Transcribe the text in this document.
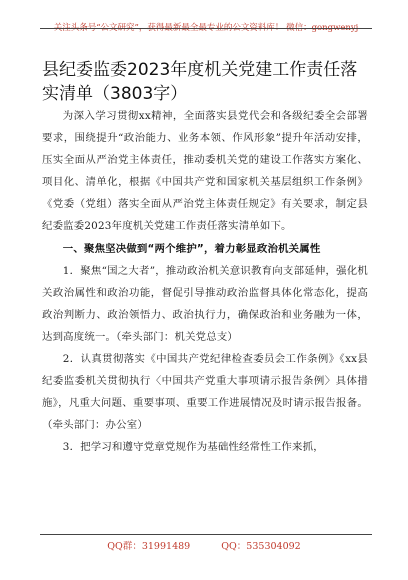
关注头条号“公文研究”，获得最新最全最专业的公文资料库！ 微信：gongwenyj
县纪委监委2023年度机关党建工作责任落实清单（3803字）

为深入学习贯彻xx精神，全面落实县党代会和各级纪委全会部署要求，围绕提升“政治能力、业务本领、作风形象”提升年活动安排，压实全面从严治党主体责任，推动委机关党的建设工作落实方案化、项目化、清单化，根据《中国共产党和国家机关基层组织工作条例》《党委（党组）落实全面从严治党主体责任规定》有关要求，制定县纪委监委2023年度机关党建工作责任落实清单如下。

一、聚焦坚决做到“两个维护”，着力彰显政治机关属性

1．聚焦“国之大者”，推动政治机关意识教育向支部延伸，强化机关政治属性和政治功能，督促引导推动政治监督具体化常态化，提高政治判断力、政治领悟力、政治执行力，确保政治和业务融为一体，达到高度统一。（牵头部门：机关党总支）

2．认真贯彻落实《中国共产党纪律检查委员会工作条例》《xx县纪委监委机关贯彻执行〈中国共产党重大事项请示报告条例〉具体措施》，凡重大问题、重要事项、重要工作进展情况及时请示报告报备。（牵头部门：办公室）

3．把学习和遵守党章党规作为基础性经常性工作来抓，

QQ群：31991489	QQ：535304092
